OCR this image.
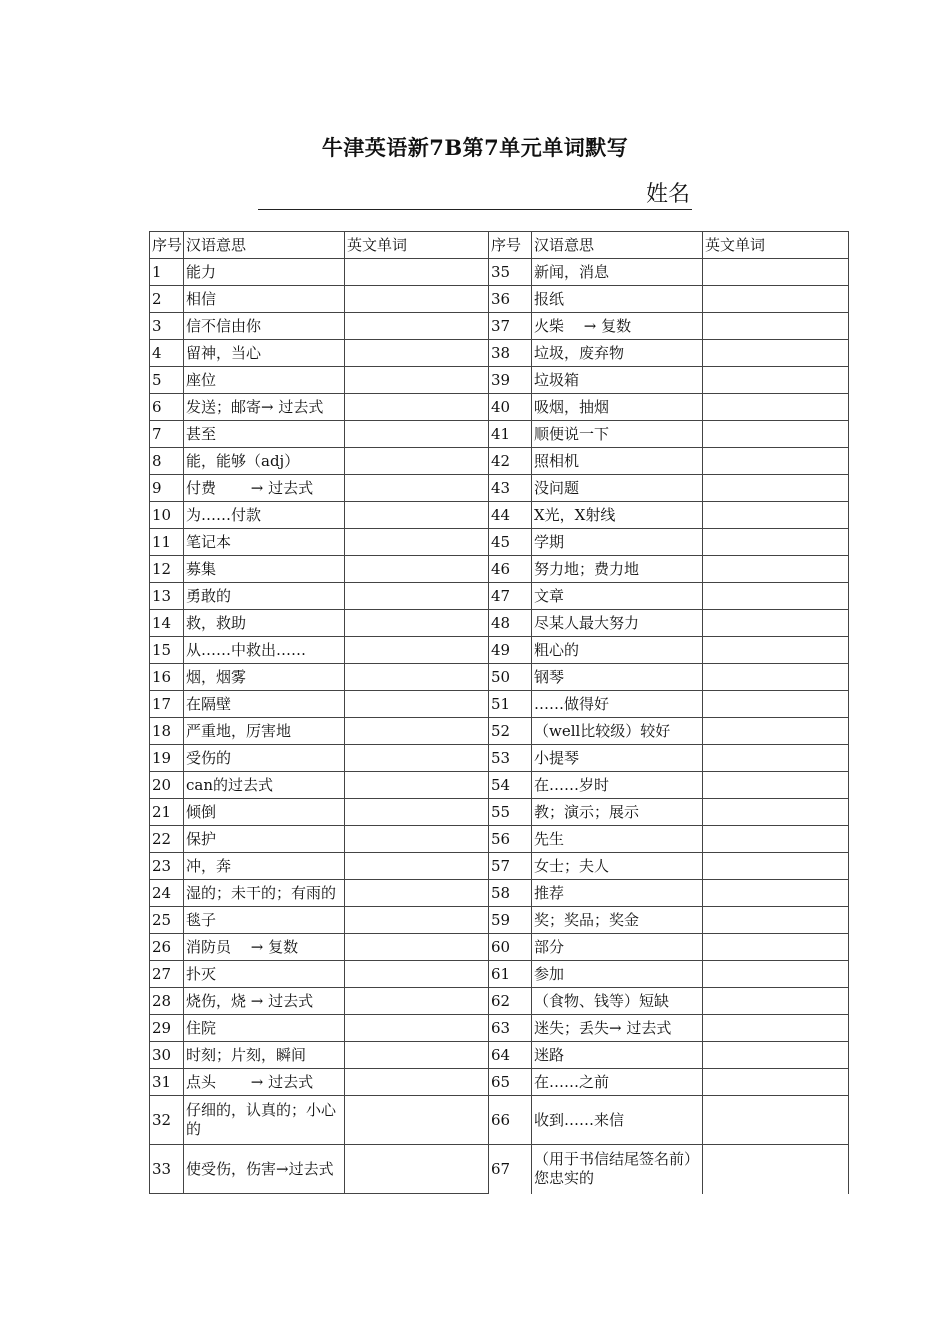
牛津英语新7B第7单元单词默写
姓名
序号	汉语意思	英文单词	序号	汉语意思	英文单词
1	能力		35	新闻，消息	
2	相信		36	报纸	
3	信不信由你		37	火柴　 → 复数	
4	留神，当心		38	垃圾，废弃物	
5	座位		39	垃圾箱	
6	发送；邮寄→ 过去式		40	吸烟，抽烟	
7	甚至		41	顺便说一下	
8	能，能够（adj）		42	照相机	
9	付费　　 → 过去式		43	没问题	
10	为……付款		44	X光，X射线	
11	笔记本		45	学期	
12	募集		46	努力地；费力地	
13	勇敢的		47	文章	
14	救，救助		48	尽某人最大努力	
15	从……中救出……		49	粗心的	
16	烟，烟雾		50	钢琴	
17	在隔壁		51	……做得好	
18	严重地，厉害地		52	（well比较级）较好	
19	受伤的		53	小提琴	
20	can的过去式		54	在……岁时	
21	倾倒		55	教；演示；展示	
22	保护		56	先生	
23	冲，奔		57	女士；夫人	
24	湿的；未干的；有雨的		58	推荐	
25	毯子		59	奖；奖品；奖金	
26	消防员　 → 复数		60	部分	
27	扑灭		61	参加	
28	烧伤，烧 → 过去式		62	（食物、钱等）短缺	
29	住院		63	迷失；丢失→ 过去式	
30	时刻；片刻，瞬间		64	迷路	
31	点头　　 → 过去式		65	在……之前	
32	仔细的，认真的；小心的		66	收到……来信	
33	使受伤，伤害→过去式		67	（用于书信结尾签名前）您忠实的	
